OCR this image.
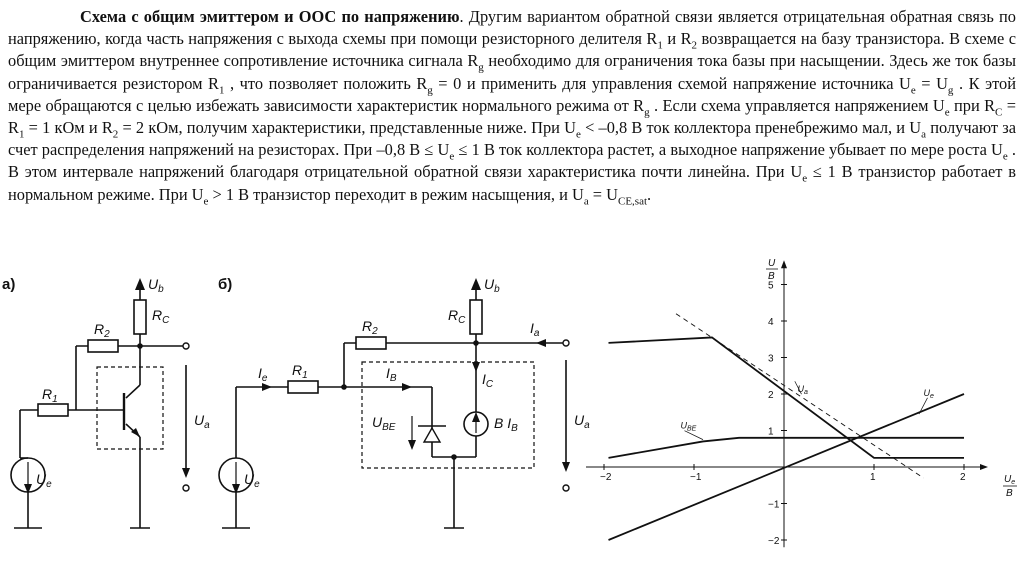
Схема с общим эмиттером и ООС по напряжению. Другим вариантом обратной связи является отрицательная обратная связь по напряжению, когда часть напряжения с выхода схемы при помощи резисторного делителя $R_1$ и $R_2$ возвращается на базу транзистора. В схеме с общим эмиттером внутреннее сопротивление источника сигнала $R_g$ необходимо для ограничения тока базы при насыщении. Здесь же ток базы ограничивается резистором $R_1$ , что позволяет положить $R_g = 0$ и применить для управления схемой напряжение источника $U_e = U_g$ . К этой мере обращаются с целью избежать зависимости характеристик нормального режима от $R_g$ . Если схема управляется напряжением $U_e$ при $R_C = R_1 = 1$ кОм и $R_2 = 2$ кОм, получим характеристики, представленные ниже. При $U_e < -0,8$ В ток коллектора пренебрежимо мал, и $U_a$ получают за счет распределения напряжений на резисторах. При –0,8 $В \le U_e \le 1$ В ток коллектора растет, а выходное напряжение убывает по мере роста $U_e$ . В этом интервале напряжений благодаря отрицательной обратной связи характеристика почти линейна. При $U_e \le 1$ В транзистор работает в нормальном режиме. При $U_e > 1$ В транзистор переходит в режим насыщения, и $U_a = U_{CE,sat}$.

а)	$U_b$
$R_C$
$R_2$
$R_1$
$U_e$
$U_a$
б)	$U_b$
$R_C$
$R_2$
$R_1$
$I_e$	$I_B$	$I_C$
$I_a$
$U_{BE}$	B $I_B$
$U_e$
$U_a$
−2	−1	1	2
−2
−1
1
2
3
4
5
$U_a$	$U_e$
$U_{BE}$
U
В
$U_e$
В
